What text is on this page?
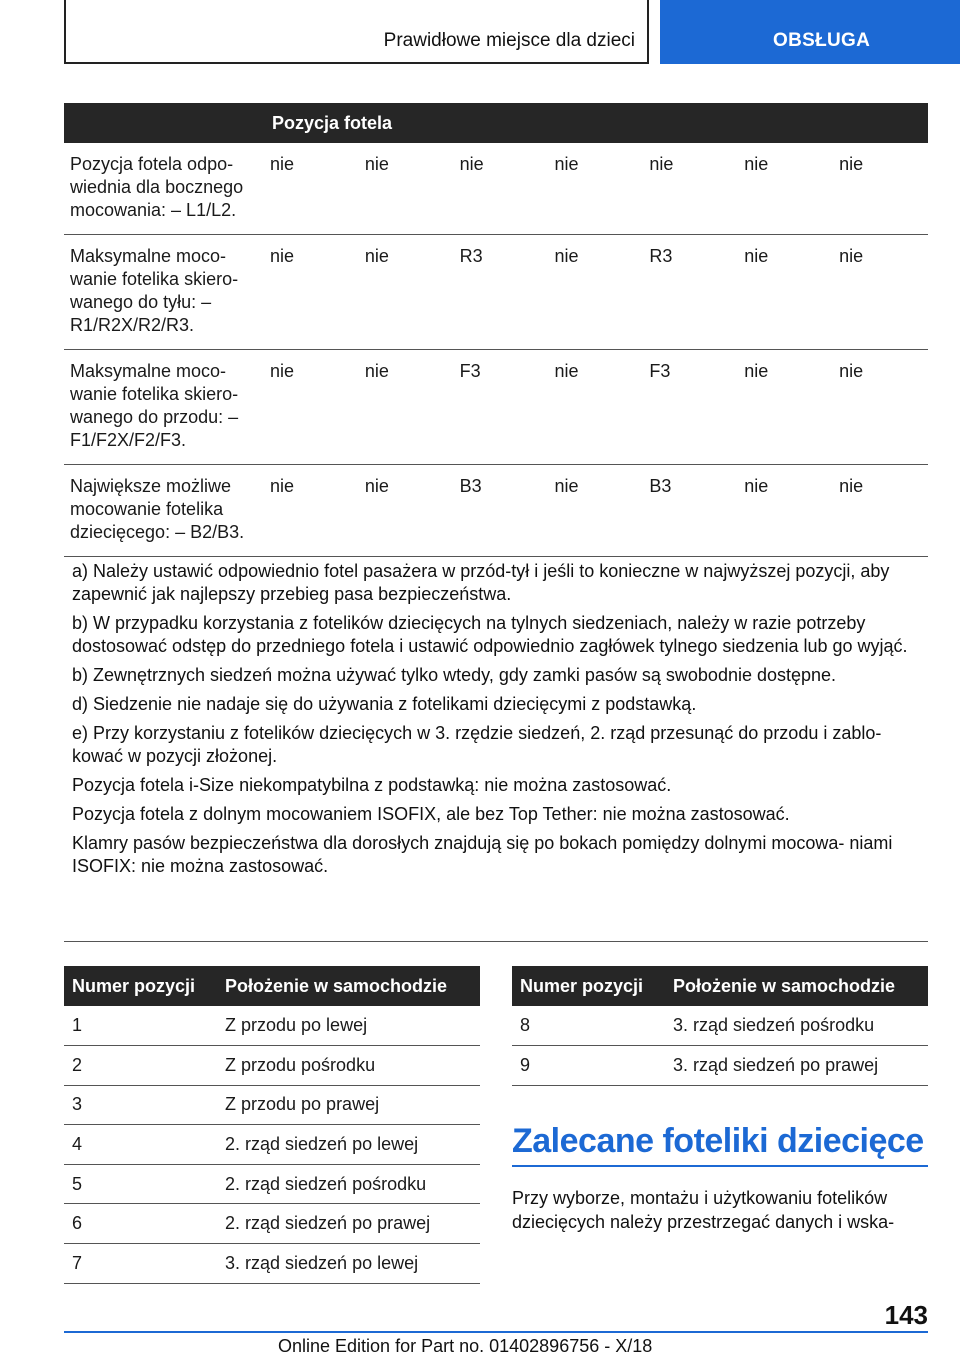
Prawidłowe miejsce dla dzieci	OBSŁUGA
	Pozycja fotela						
Pozycja fotela odpo- wiednia dla bocznego mocowania: – L1/L2.	nie	nie	nie	nie	nie	nie	nie
Maksymalne moco- wanie fotelika skiero- wanego do tyłu: – R1/R2X/R2/R3.	nie	nie	R3	nie	R3	nie	nie
Maksymalne moco- wanie fotelika skiero- wanego do przodu: – F1/F2X/F2/F3.	nie	nie	F3	nie	F3	nie	nie
Największe możliwe mocowanie fotelika dziecięcego: – B2/B3.	nie	nie	B3	nie	B3	nie	nie

a) Należy ustawić odpowiednio fotel pasażera w przód-tył i jeśli to konieczne w najwyższej pozycji, aby zapewnić jak najlepszy przebieg pasa bezpieczeństwa.

b) W przypadku korzystania z fotelików dziecięcych na tylnych siedzeniach, należy w razie potrzeby dostosować odstęp do przedniego fotela i ustawić odpowiednio zagłówek tylnego siedzenia lub go wyjąć.

b) Zewnętrznych siedzeń można używać tylko wtedy, gdy zamki pasów są swobodnie dostępne.

d) Siedzenie nie nadaje się do używania z fotelikami dziecięcymi z podstawką.

e) Przy korzystaniu z fotelików dziecięcych w 3. rzędzie siedzeń, 2. rząd przesunąć do przodu i zablo- kować w pozycji złożonej.

Pozycja fotela i-Size niekompatybilna z podstawką: nie można zastosować.

Pozycja fotela z dolnym mocowaniem ISOFIX, ale bez Top Tether: nie można zastosować.

Klamry pasów bezpieczeństwa dla dorosłych znajdują się po bokach pomiędzy dolnymi mocowa- niami ISOFIX: nie można zastosować.

Numer pozycji	Położenie w samochodzie
1	Z przodu po lewej
2	Z przodu pośrodku
3	Z przodu po prawej
4	2. rząd siedzeń po lewej
5	2. rząd siedzeń pośrodku
6	2. rząd siedzeń po prawej
7	3. rząd siedzeń po lewej
Numer pozycji	Położenie w samochodzie
8	3. rząd siedzeń pośrodku
9	3. rząd siedzeń po prawej
Zalecane foteliki dziecięce

Przy wyborze, montażu i użytkowaniu fotelików dziecięcych należy przestrzegać danych i wska-

143
Online Edition for Part no. 01402896756 - X/18
